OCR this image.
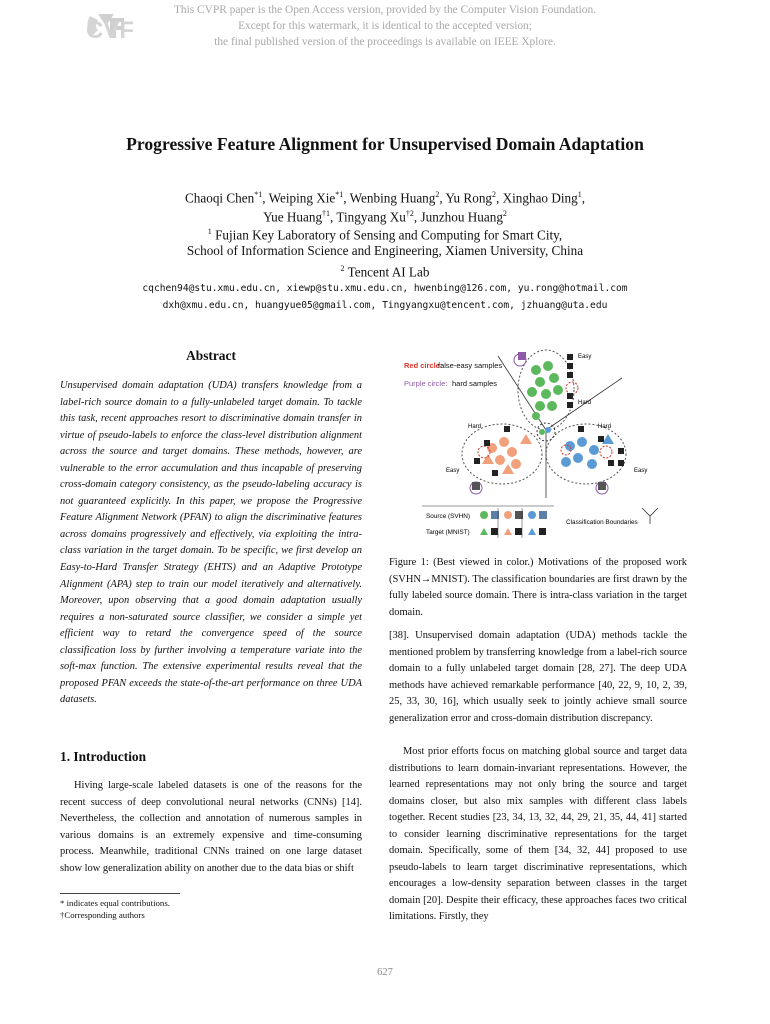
CVF
This CVPR paper is the Open Access version, provided by the Computer Vision Foundation.
Except for this watermark, it is identical to the accepted version;
the final published version of the proceedings is available on IEEE Xplore.
Progressive Feature Alignment for Unsupervised Domain Adaptation
Chaoqi Chen$^{*1}$, Weiping Xie$^{*1}$, Wenbing Huang$^2$, Yu Rong$^2$, Xinghao Ding$^1$,
Yue Huang$^{\dagger 1}$, Tingyang Xu$^{\dagger 2}$, Junzhou Huang$^2$
$^1$ Fujian Key Laboratory of Sensing and Computing for Smart City,
School of Information Science and Engineering, Xiamen University, China
$^2$ Tencent AI Lab
cqchen94@stu.xmu.edu.cn, xiewp@stu.xmu.edu.cn, hwenbing@126.com, yu.rong@hotmail.com
dxh@xmu.edu.cn, huangyue05@gmail.com, Tingyangxu@tencent.com, jzhuang@uta.edu
Abstract
Unsupervised domain adaptation (UDA) transfers knowledge from a label-rich source domain to a fully-unlabeled target domain. To tackle this task, recent approaches resort to discriminative domain transfer in virtue of pseudo-labels to enforce the class-level distribution alignment across the source and target domains. These methods, however, are vulnerable to the error accumulation and thus incapable of preserving cross-domain category consistency, as the pseudo-labeling accuracy is not guaranteed explicitly. In this paper, we propose the Progressive Feature Alignment Network (PFAN) to align the discriminative features across domains progressively and effectively, via exploiting the intra-class variation in the target domain. To be specific, we first develop an Easy-to-Hard Transfer Strategy (EHTS) and an Adaptive Prototype Alignment (APA) step to train our model iteratively and alternatively. Moreover, upon observing that a good domain adaptation usually requires a non-saturated source classifier, we consider a simple yet efficient way to retard the convergence speed of the source classification loss by further involving a temperature variate into the soft-max function. The extensive experimental results reveal that the proposed PFAN exceeds the state-of-the-art performance on three UDA datasets.
1. Introduction
Hiving large-scale labeled datasets is one of the reasons for the recent success of deep convolutional neural networks (CNNs) [14]. Nevertheless, the collection and annotation of numerous samples in various domains is an extremely expensive and time-consuming process. Meanwhile, traditional CNNs trained on one large dataset show low generalization ability on another due to the data bias or shift
* indicates equal contributions.
†Corresponding authors
Red circle:
false-easy samples
Purple circle: hard samples
Easy
Hard
Hard	Hard
Easy	Easy
Source (SVHN)
Target (MNIST)
Classification Boundaries
Figure 1: (Best viewed in color.) Motivations of the proposed work (SVHN→MNIST). The classification boundaries are first drawn by the fully labeled source domain. There is intra-class variation in the target domain.
[38]. Unsupervised domain adaptation (UDA) methods tackle the mentioned problem by transferring knowledge from a label-rich source domain to a fully unlabeled target domain [28, 27]. The deep UDA methods have achieved remarkable performance [40, 22, 9, 10, 2, 39, 25, 33, 30, 16], which usually seek to jointly achieve small source generalization error and cross-domain distribution discrepancy.
Most prior efforts focus on matching global source and target data distributions to learn domain-invariant representations. However, the learned representations may not only bring the source and target domains closer, but also mix samples with different class labels together. Recent studies [23, 34, 13, 32, 44, 29, 21, 35, 44, 41] started to consider learning discriminative representations for the target domain. Specifically, some of them [34, 32, 44] proposed to use pseudo-labels to learn target discriminative representations, which encourages a low-density separation between classes in the target domain [20]. Despite their efficacy, these approaches faces two critical limitations. Firstly, they
627
